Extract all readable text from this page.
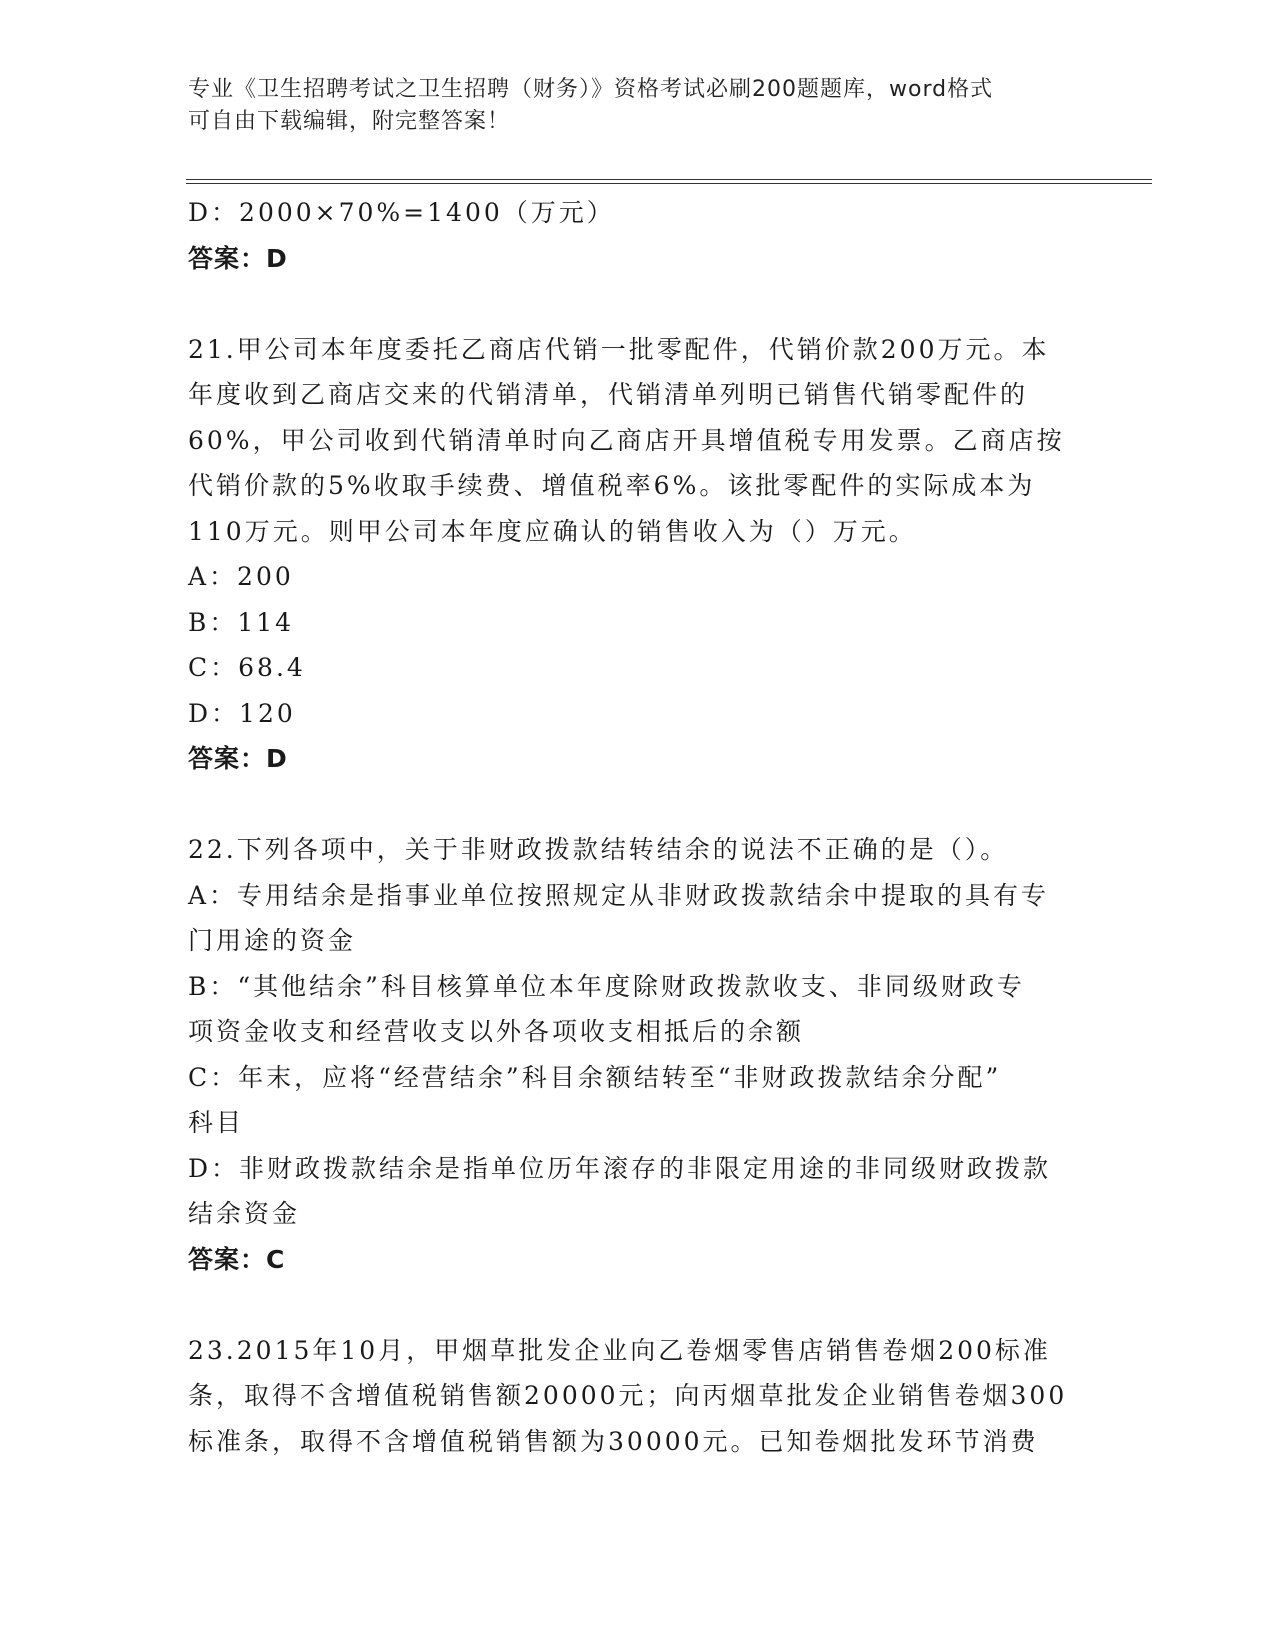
专业《卫生招聘考试之卫生招聘（财务）》资格考试必刷200题题库，word格式
可自由下载编辑，附完整答案！
D：2000×70%=1400（万元）
答案：D
21.甲公司本年度委托乙商店代销一批零配件，代销价款200万元。本
年度收到乙商店交来的代销清单，代销清单列明已销售代销零配件的
60%，甲公司收到代销清单时向乙商店开具增值税专用发票。乙商店按
代销价款的5%收取手续费、增值税率6%。该批零配件的实际成本为
110万元。则甲公司本年度应确认的销售收入为（）万元。
A：200
B：114
C：68.4
D：120
答案：D
22.下列各项中，关于非财政拨款结转结余的说法不正确的是（）。
A：专用结余是指事业单位按照规定从非财政拨款结余中提取的具有专
门用途的资金
B：“其他结余”科目核算单位本年度除财政拨款收支、非同级财政专
项资金收支和经营收支以外各项收支相抵后的余额
C：年末，应将“经营结余”科目余额结转至“非财政拨款结余分配”
科目
D：非财政拨款结余是指单位历年滚存的非限定用途的非同级财政拨款
结余资金
答案：C
23.2015年10月，甲烟草批发企业向乙卷烟零售店销售卷烟200标准
条，取得不含增值税销售额20000元；向丙烟草批发企业销售卷烟300
标准条，取得不含增值税销售额为30000元。已知卷烟批发环节消费
